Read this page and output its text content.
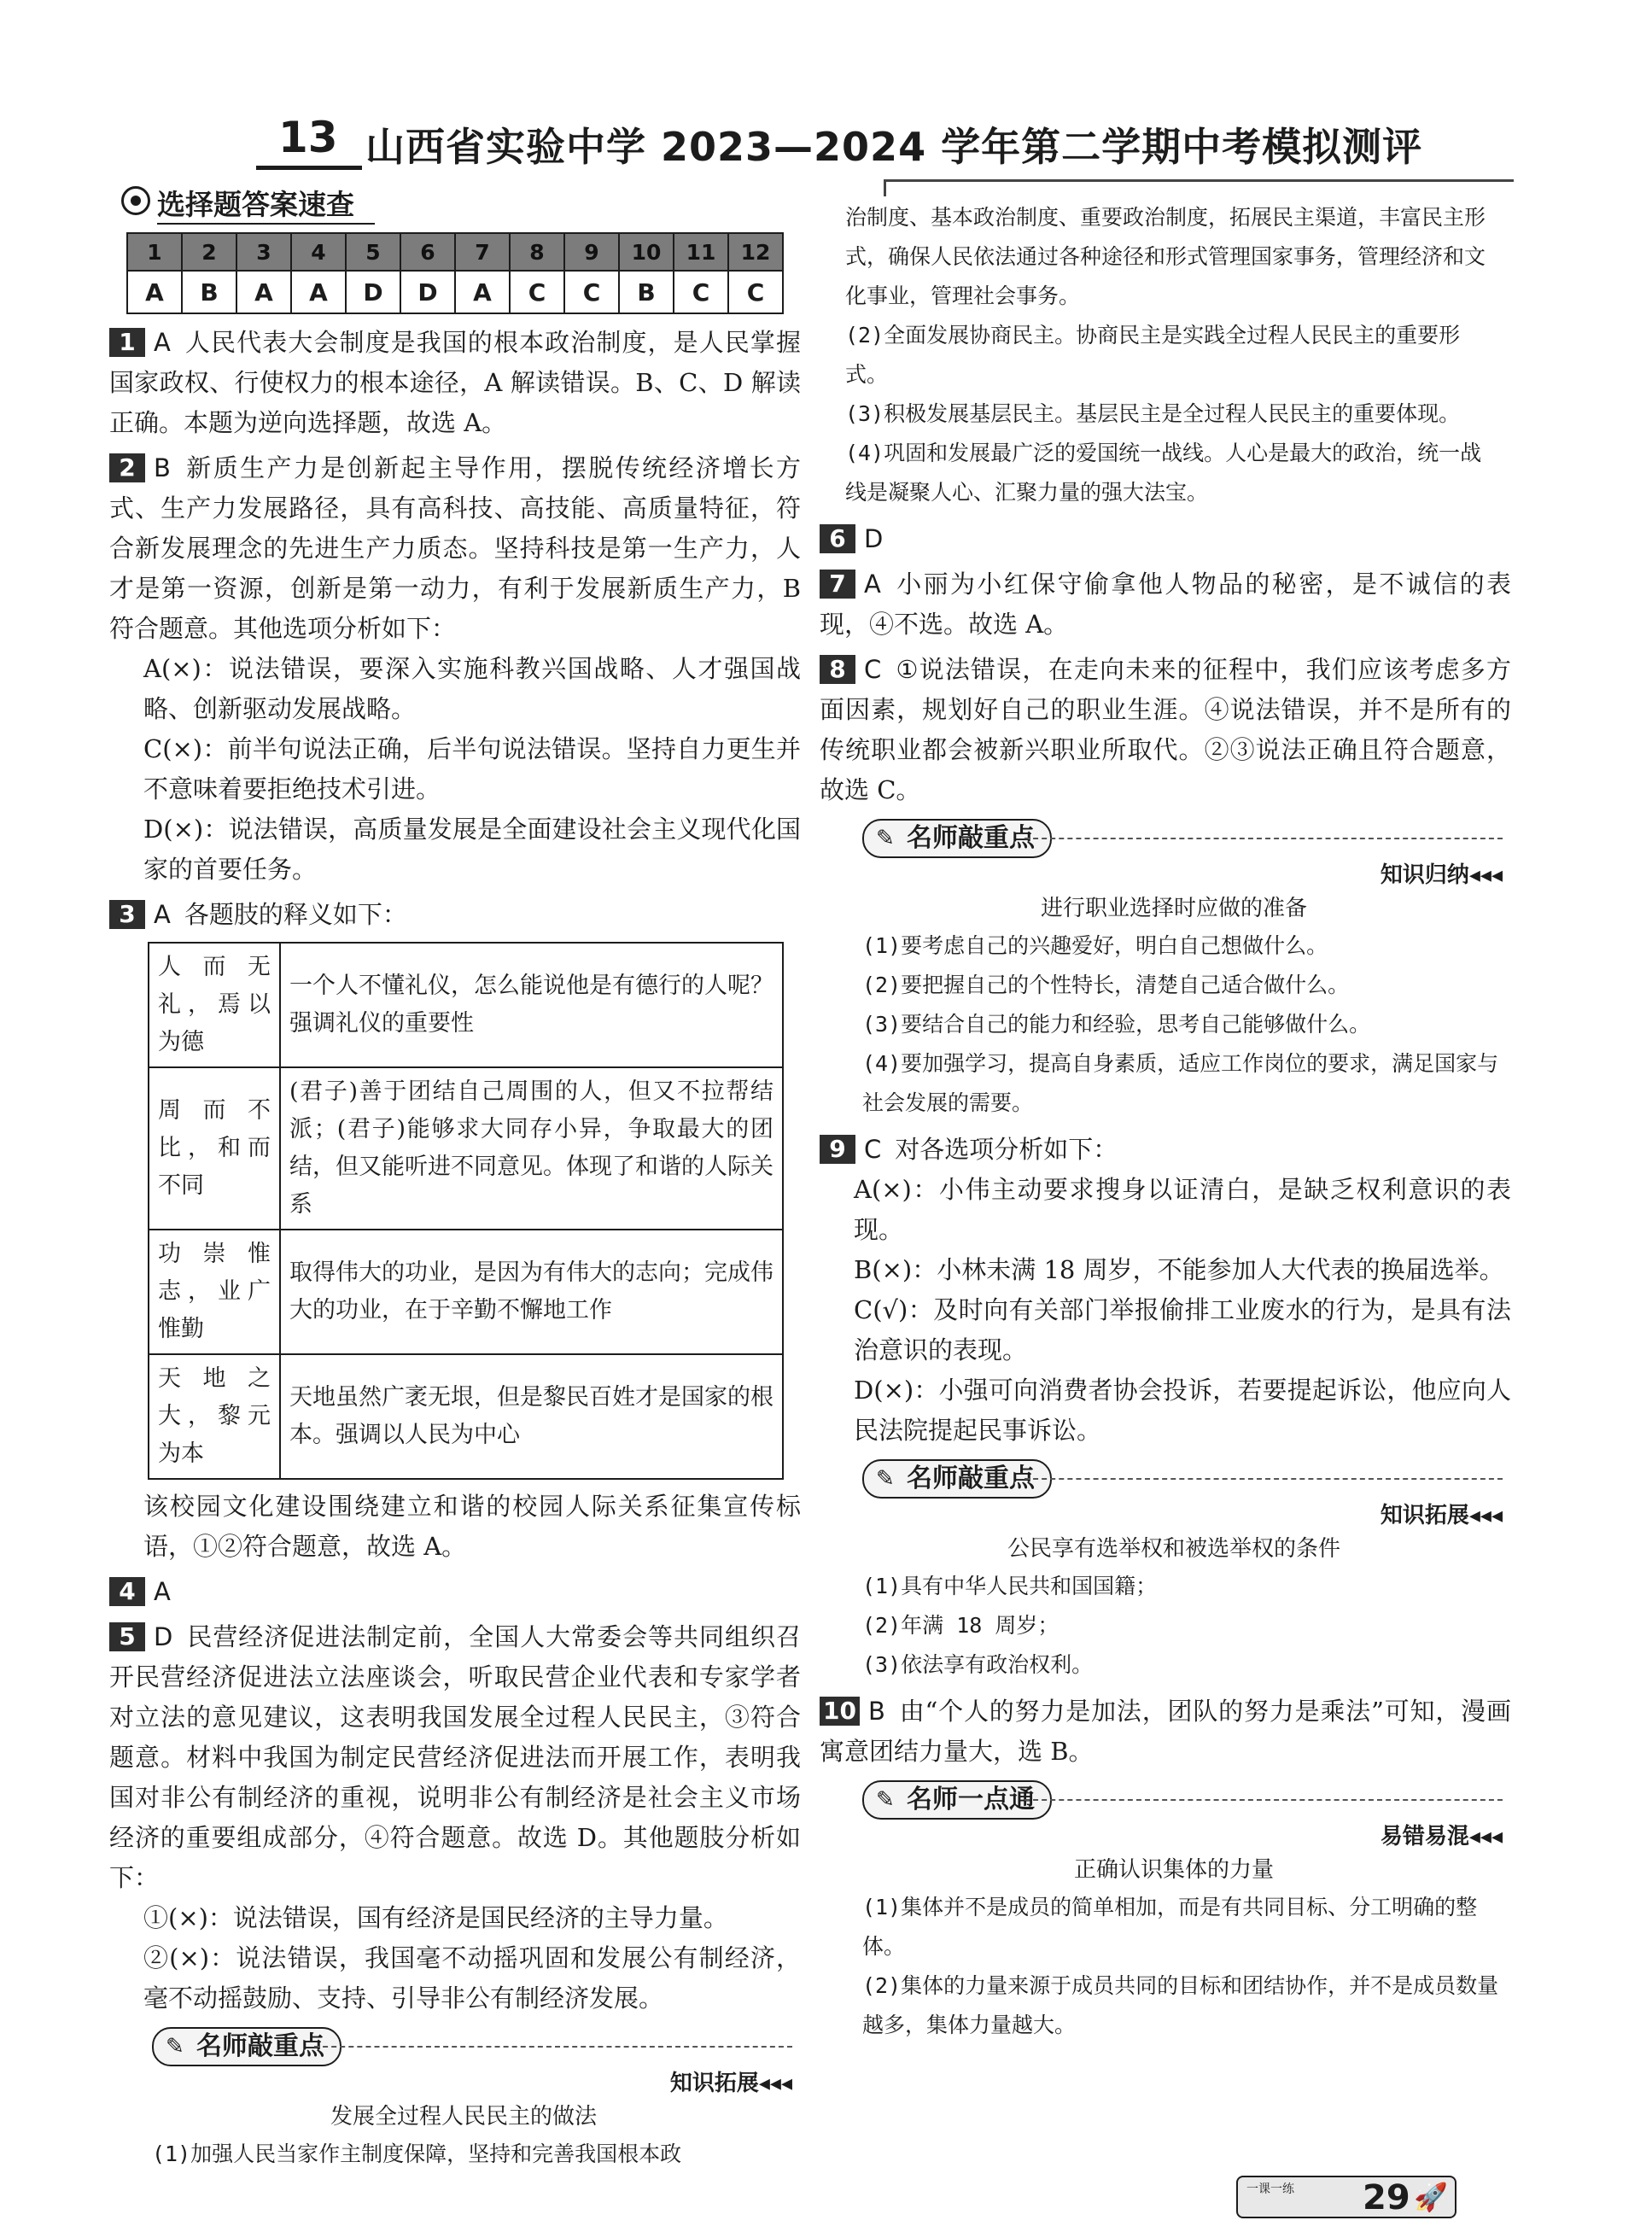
13 山西省实验中学 2023—2024 学年第二学期中考模拟测评
选择题答案速查
1	2	3	4	5	6	7	8	9	10	11	12
A	B	A	A	D	D	A	C	C	B	C	C
1 A 人民代表大会制度是我国的根本政治制度，是人民掌握国家政权、行使权力的根本途径，A 解读错误。B、C、D 解读正确。本题为逆向选择题，故选 A。
2 B 新质生产力是创新起主导作用，摆脱传统经济增长方式、生产力发展路径，具有高科技、高技能、高质量特征，符合新发展理念的先进生产力质态。坚持科技是第一生产力，人才是第一资源，创新是第一动力，有利于发展新质生产力，B 符合题意。其他选项分析如下：

A(×)：说法错误，要深入实施科教兴国战略、人才强国战略、创新驱动发展战略。

C(×)：前半句说法正确，后半句说法错误。坚持自力更生并不意味着要拒绝技术引进。

D(×)：说法错误，高质量发展是全面建设社会主义现代化国家的首要任务。

3 A 各题肢的释义如下：
人而无礼，焉以为德	一个人不懂礼仪，怎么能说他是有德行的人呢？强调礼仪的重要性
周而不比，和而不同	(君子)善于团结自己周围的人，但又不拉帮结派；(君子)能够求大同存小异，争取最大的团结，但又能听进不同意见。体现了和谐的人际关系
功崇惟志，业广惟勤	取得伟大的功业，是因为有伟大的志向；完成伟大的功业，在于辛勤不懈地工作
天地之大，黎元为本	天地虽然广袤无垠，但是黎民百姓才是国家的根本。强调以人民为中心

该校园文化建设围绕建立和谐的校园人际关系征集宣传标语，①②符合题意，故选 A。

4 A
5 D 民营经济促进法制定前，全国人大常委会等共同组织召开民营经济促进法立法座谈会，听取民营企业代表和专家学者对立法的意见建议，这表明我国发展全过程人民民主，③符合题意。材料中我国为制定民营经济促进法而开展工作，表明我国对非公有制经济的重视，说明非公有制经济是社会主义市场经济的重要组成部分，④符合题意。故选 D。其他题肢分析如下：

①(×)：说法错误，国有经济是国民经济的主导力量。

②(×)：说法错误，我国毫不动摇巩固和发展公有制经济，毫不动摇鼓励、支持、引导非公有制经济发展。

✎ 名师敲重点
知识拓展◂◂◂
发展全过程人民民主的做法
(1)加强人民当家作主制度保障，坚持和完善我国根本政
治制度、基本政治制度、重要政治制度，拓展民主渠道，丰富民主形式，确保人民依法通过各种途径和形式管理国家事务，管理经济和文化事业，管理社会事务。
(2)全面发展协商民主。协商民主是实践全过程人民民主的重要形式。
(3)积极发展基层民主。基层民主是全过程人民民主的重要体现。
(4)巩固和发展最广泛的爱国统一战线。人心是最大的政治，统一战线是凝聚人心、汇聚力量的强大法宝。
6 D
7 A 小丽为小红保守偷拿他人物品的秘密，是不诚信的表现，④不选。故选 A。
8 C ①说法错误，在走向未来的征程中，我们应该考虑多方面因素，规划好自己的职业生涯。④说法错误，并不是所有的传统职业都会被新兴职业所取代。②③说法正确且符合题意，故选 C。
✎ 名师敲重点
知识归纳◂◂◂
进行职业选择时应做的准备
(1)要考虑自己的兴趣爱好，明白自己想做什么。
(2)要把握自己的个性特长，清楚自己适合做什么。
(3)要结合自己的能力和经验，思考自己能够做什么。
(4)要加强学习，提高自身素质，适应工作岗位的要求，满足国家与社会发展的需要。
9 C 对各选项分析如下：

A(×)：小伟主动要求搜身以证清白，是缺乏权利意识的表现。

B(×)：小林未满 18 周岁，不能参加人大代表的换届选举。

C(√)：及时向有关部门举报偷排工业废水的行为，是具有法治意识的表现。

D(×)：小强可向消费者协会投诉，若要提起诉讼，他应向人民法院提起民事诉讼。

✎ 名师敲重点
知识拓展◂◂◂
公民享有选举权和被选举权的条件
(1)具有中华人民共和国国籍；
(2)年满 18 周岁；
(3)依法享有政治权利。
10 B 由“个人的努力是加法，团队的努力是乘法”可知，漫画寓意团结力量大，选 B。
✎ 名师一点通
易错易混◂◂◂
正确认识集体的力量
(1)集体并不是成员的简单相加，而是有共同目标、分工明确的整体。
(2)集体的力量来源于成员共同的目标和团结协作，并不是成员数量越多，集体力量越大。
一课一练	29 🚀
